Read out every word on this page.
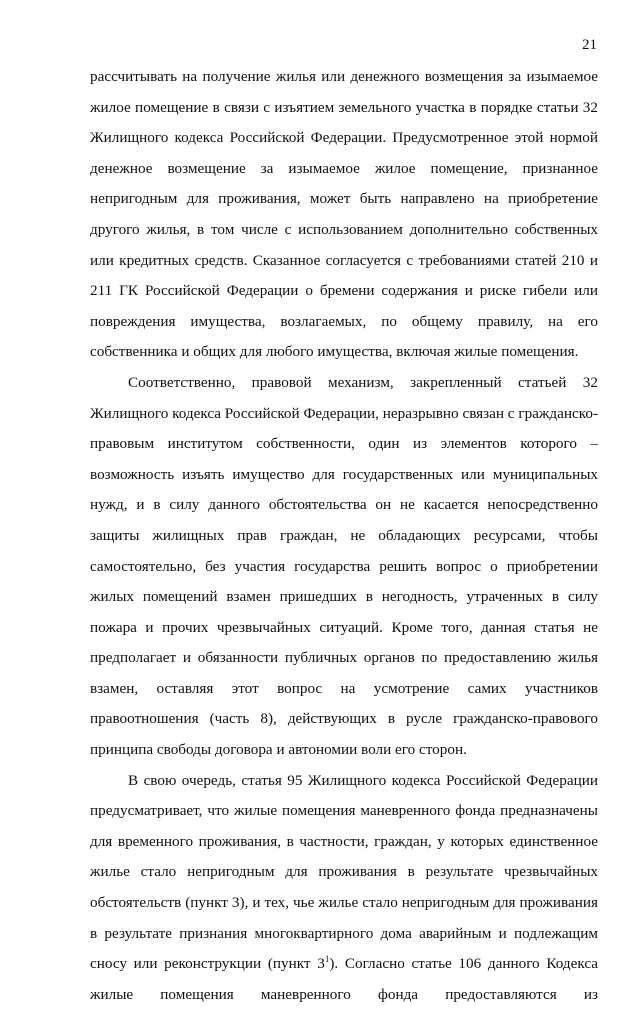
21

рассчитывать на получение жилья или денежного возмещения за изымаемое жилое помещение в связи с изъятием земельного участка в порядке статьи 32 Жилищного кодекса Российской Федерации. Предусмотренное этой нормой денежное возмещение за изымаемое жилое помещение, признанное непригодным для проживания, может быть направлено на приобретение другого жилья, в том числе с использованием дополнительно собственных или кредитных средств. Сказанное согласуется с требованиями статей 210 и 211 ГК Российской Федерации о бремени содержания и риске гибели или повреждения имущества, возлагаемых, по общему правилу, на его собственника и общих для любого имущества, включая жилые помещения.

Соответственно, правовой механизм, закрепленный статьей 32 Жилищного кодекса Российской Федерации, неразрывно связан с гражданско-правовым институтом собственности, один из элементов которого – возможность изъять имущество для государственных или муниципальных нужд, и в силу данного обстоятельства он не касается непосредственно защиты жилищных прав граждан, не обладающих ресурсами, чтобы самостоятельно, без участия государства решить вопрос о приобретении жилых помещений взамен пришедших в негодность, утраченных в силу пожара и прочих чрезвычайных ситуаций. Кроме того, данная статья не предполагает и обязанности публичных органов по предоставлению жилья взамен, оставляя этот вопрос на усмотрение самих участников правоотношения (часть 8), действующих в русле гражданско-правового принципа свободы договора и автономии воли его сторон.

В свою очередь, статья 95 Жилищного кодекса Российской Федерации предусматривает, что жилые помещения маневренного фонда предназначены для временного проживания, в частности, граждан, у которых единственное жилье стало непригодным для проживания в результате чрезвычайных обстоятельств (пункт 3), и тех, чье жилье стало непригодным для проживания в результате признания многоквартирного дома аварийным и подлежащим сносу или реконструкции (пункт $3^1$). Согласно статье 106 данного Кодекса жилые помещения маневренного фонда предоставляются из
